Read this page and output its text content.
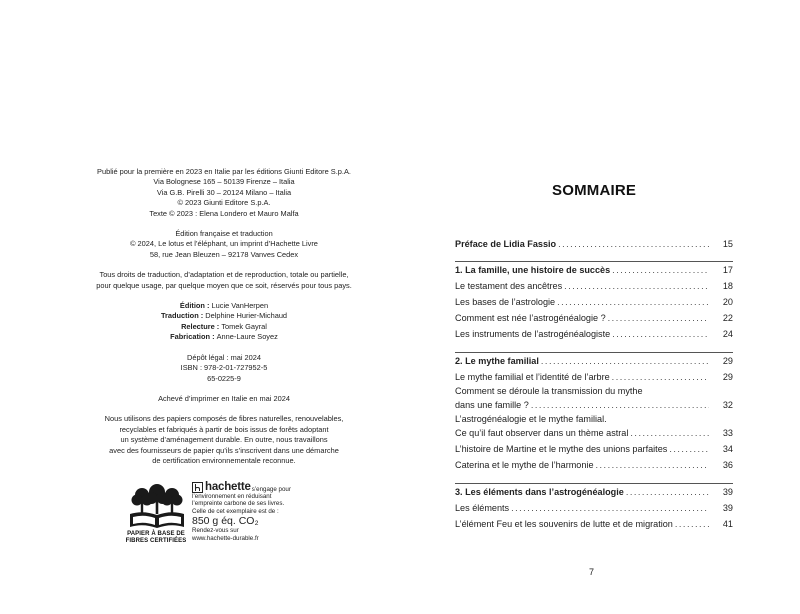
Publié pour la première en 2023 en Italie par les éditions Giunti Editore S.p.A.
Via Bolognese 165 – 50139 Firenze – Italia
Via G.B. Pirelli 30 – 20124 Milano – Italia
© 2023 Giunti Editore S.p.A.
Texte © 2023 : Elena Londero et Mauro Malfa
Édition française et traduction
© 2024, Le lotus et l’éléphant, un imprint d’Hachette Livre
58, rue Jean Bleuzen – 92178 Vanves Cedex
Tous droits de traduction, d’adaptation et de reproduction, totale ou partielle,
pour quelque usage, par quelque moyen que ce soit, réservés pour tous pays.
Édition : Lucie VanHerpen
Traduction : Delphine Hurier-Michaud
Relecture : Tomek Gayral
Fabrication : Anne-Laure Soyez
Dépôt légal : mai 2024
ISBN : 978-2-01-727952-5
65-0225-9
Achevé d’imprimer en Italie en mai 2024
Nous utilisons des papiers composés de fibres naturelles, renouvelables,
recyclables et fabriqués à partir de bois issus de forêts adoptant
un système d’aménagement durable. En outre, nous travaillons
avec des fournisseurs de papier qu’ils s’inscrivent dans une démarche
de certification environnementale reconnue.
PAPIER À BASE DE FIBRES CERTIFIÉES
hachette s’engage pour
l’environnement en réduisant
l’empreinte carbone de ses livres.
Celle de cet exemplaire est de :
850 g éq. CO₂
Rendez-vous sur
www.hachette-durable.fr
SOMMAIRE
Préface de Lidia Fassio .....	15
1. La famille, une histoire de succès .....	17
Le testament des ancêtres .....	18
Les bases de l’astrologie .....	20
Comment est née l’astrogénéalogie ? .....	22
Les instruments de l’astrogénéalogiste .....	24
2. Le mythe familial .....	29
Le mythe familial et l’identité de l’arbre .....	29
Comment se déroule la transmission du mythe
dans une famille ? .....	32
L’astrogénéalogie et le mythe familial.
Ce qu’il faut observer dans un thème astral .....	33
L’histoire de Martine et le mythe des unions parfaites .....	34
Caterina et le mythe de l’harmonie .....	36
3. Les éléments dans l’astrogénéalogie .....	39
Les éléments .....	39
L’élément Feu et les souvenirs de lutte et de migration .....	41
7
